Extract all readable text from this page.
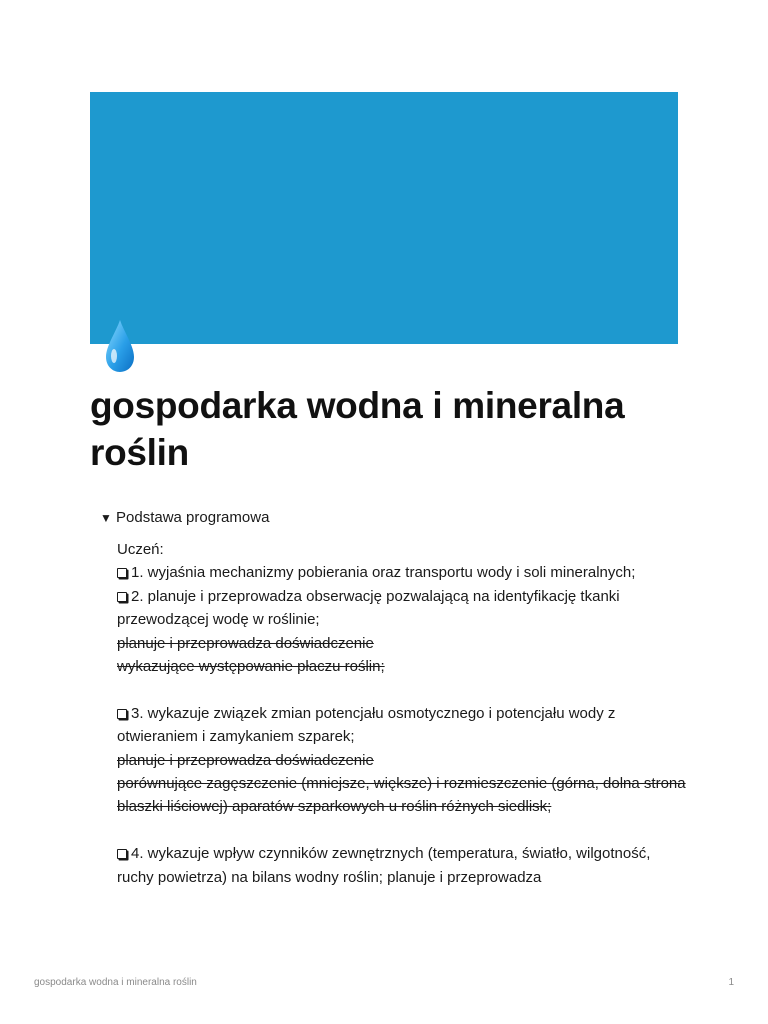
gospodarka wodna i mineralna roślin
▼ Podstawa programowa

Uczeń:

1. wyjaśnia mechanizmy pobierania oraz transportu wody i soli mineralnych;

2. planuje i przeprowadza obserwację pozwalającą na identyfikację tkanki przewodzącej wodę w roślinie;

planuje i przeprowadza doświadczenie

wykazujące występowanie płaczu roślin;

3. wykazuje związek zmian potencjału osmotycznego i potencjału wody z otwieraniem i zamykaniem szparek;

planuje i przeprowadza doświadczenie

porównujące zagęszczenie (mniejsze, większe) i rozmieszczenie (górna, dolna strona blaszki liściowej) aparatów szparkowych u roślin różnych siedlisk;

4. wykazuje wpływ czynników zewnętrznych (temperatura, światło, wilgotność, ruchy powietrza) na bilans wodny roślin; planuje i przeprowadza

gospodarka wodna i mineralna roślin	1
